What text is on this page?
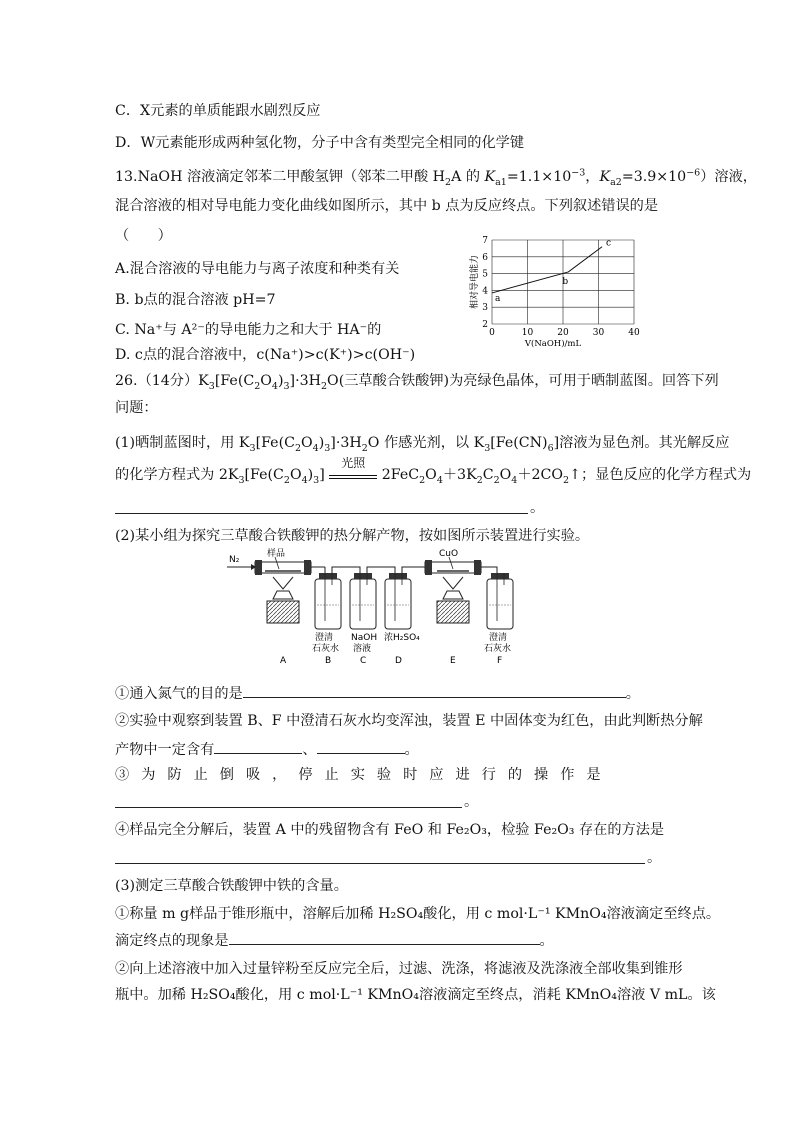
C．X元素的单质能跟水剧烈反应
D．W元素能形成两种氢化物，分子中含有类型完全相同的化学键
13.NaOH 溶液滴定邻苯二甲酸氢钾（邻苯二甲酸 $H_2A$ 的 $K_{a1}=1.1\times 10^{-3}$，$K_{a2}=3.9\times 10^{-6}$）溶液，
混合溶液的相对导电能力变化曲线如图所示，其中 b 点为反应终点。下列叙述错误的是
（　　）
A.混合溶液的导电能力与离子浓度和种类有关
B. b点的混合溶液 pH=7
C. Na⁺与 A²⁻的导电能力之和大于 HA⁻的
D. c点的混合溶液中，c(Na⁺)>c(K⁺)>c(OH⁻)
0	10	20	30	40
2
3
4
5
6
7
V(NaOH)/mL
相对导电能力 a
b
c
26.（14分）$K_3[Fe(C_2O_4)_3]\cdot 3H_2O$(三草酸合铁酸钾)为亮绿色晶体，可用于晒制蓝图。回答下列
问题：
(1)晒制蓝图时，用 $K_3[Fe(C_2O_4)_3]\cdot 3H_2O$ 作感光剂，以 $K_3[Fe(CN)_6]$溶液为显色剂。其光解反应
的化学方程式为 $2K_3[Fe(C_2O_4)_3]$
光照
$2FeC_2O_4+3K_2C_2O_4+2CO_2↑$；显色反应的化学方程式为
。
(2)某小组为探究三草酸合铁酸钾的热分解产物，按如图所示装置进行实验。
N₂
样品	CuO
澄清
石灰水
NaOH
溶液
浓H₂SO₄	澄清
石灰水
A	B	C	D	E	F
①通入氮气的目的是	。
②实验中观察到装置 B、F 中澄清石灰水均变浑浊，装置 E 中固体变为红色，由此判断热分解
产物中一定含有	、	。
③为防止倒吸，停止实验时应进行的操作是
。
④样品完全分解后，装置 A 中的残留物含有 FeO 和 Fe₂O₃，检验 Fe₂O₃ 存在的方法是
。
(3)测定三草酸合铁酸钾中铁的含量。
①称量 m g样品于锥形瓶中，溶解后加稀 H₂SO₄酸化，用 c mol·L⁻¹ KMnO₄溶液滴定至终点。
滴定终点的现象是	。
②向上述溶液中加入过量锌粉至反应完全后，过滤、洗涤，将滤液及洗涤液全部收集到锥形
瓶中。加稀 H₂SO₄酸化，用 c mol·L⁻¹ KMnO₄溶液滴定至终点，消耗 KMnO₄溶液 V mL。该
